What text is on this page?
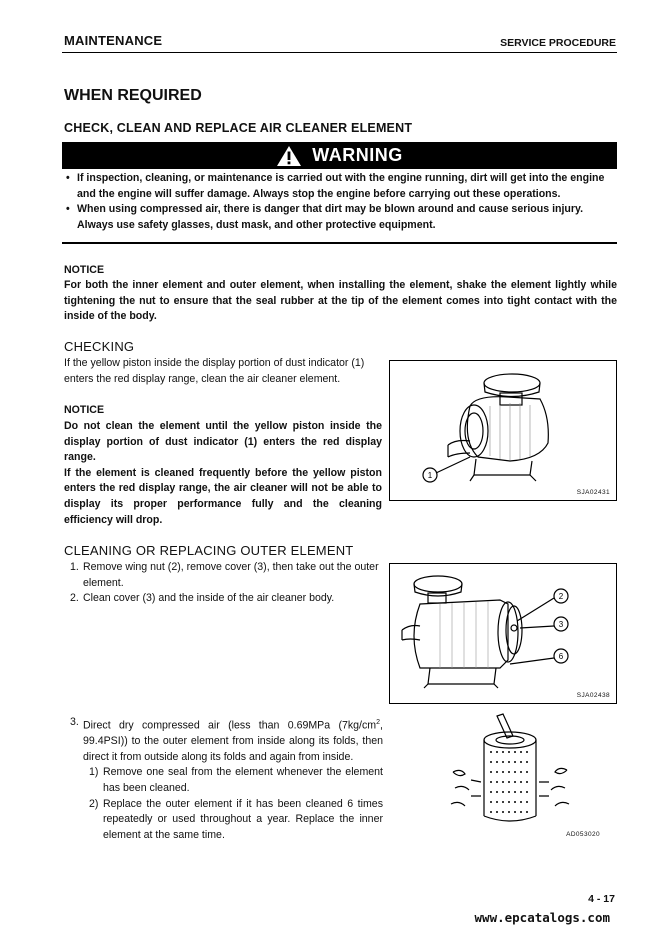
MAINTENANCE	SERVICE PROCEDURE
WHEN REQUIRED
CHECK, CLEAN AND REPLACE AIR CLEANER ELEMENT
WARNING
• If inspection, cleaning, or maintenance is carried out with the engine running, dirt will get into the engine and the engine will suffer damage. Always stop the engine before carrying out these operations.
• When using compressed air, there is danger that dirt may be blown around and cause serious injury. Always use safety glasses, dust mask, and other protective equipment.
NOTICE
For both the inner element and outer element, when installing the element, shake the element lightly while tightening the nut to ensure that the seal rubber at the tip of the element comes into tight contact with the inside of the body.
CHECKING
If the yellow piston inside the display portion of dust indicator (1) enters the red display range, clean the air cleaner element.
NOTICE
Do not clean the element until the yellow piston inside the display portion of dust indicator (1) enters the red display range.
If the element is cleaned frequently before the yellow piston enters the red display range, the air cleaner will not be able to display its proper performance fully and the cleaning efficiency will drop.
1
SJA02431
CLEANING OR REPLACING OUTER ELEMENT
1. Remove wing nut (2), remove cover (3), then take out the outer element.
2. Clean cover (3) and the inside of the air cleaner body.	2
3
6
SJA02438
3. Direct dry compressed air (less than 0.69MPa ($7kg/cm^2$, 99.4PSI)) to the outer element from inside along its folds, then direct it from outside along its folds and again from inside.
1) Remove one seal from the element whenever the element has been cleaned.
2) Replace the outer element if it has been cleaned 6 times repeatedly or used throughout a year. Replace the inner element at the same time.	AD053020
4 - 17
www.epcatalogs.com
